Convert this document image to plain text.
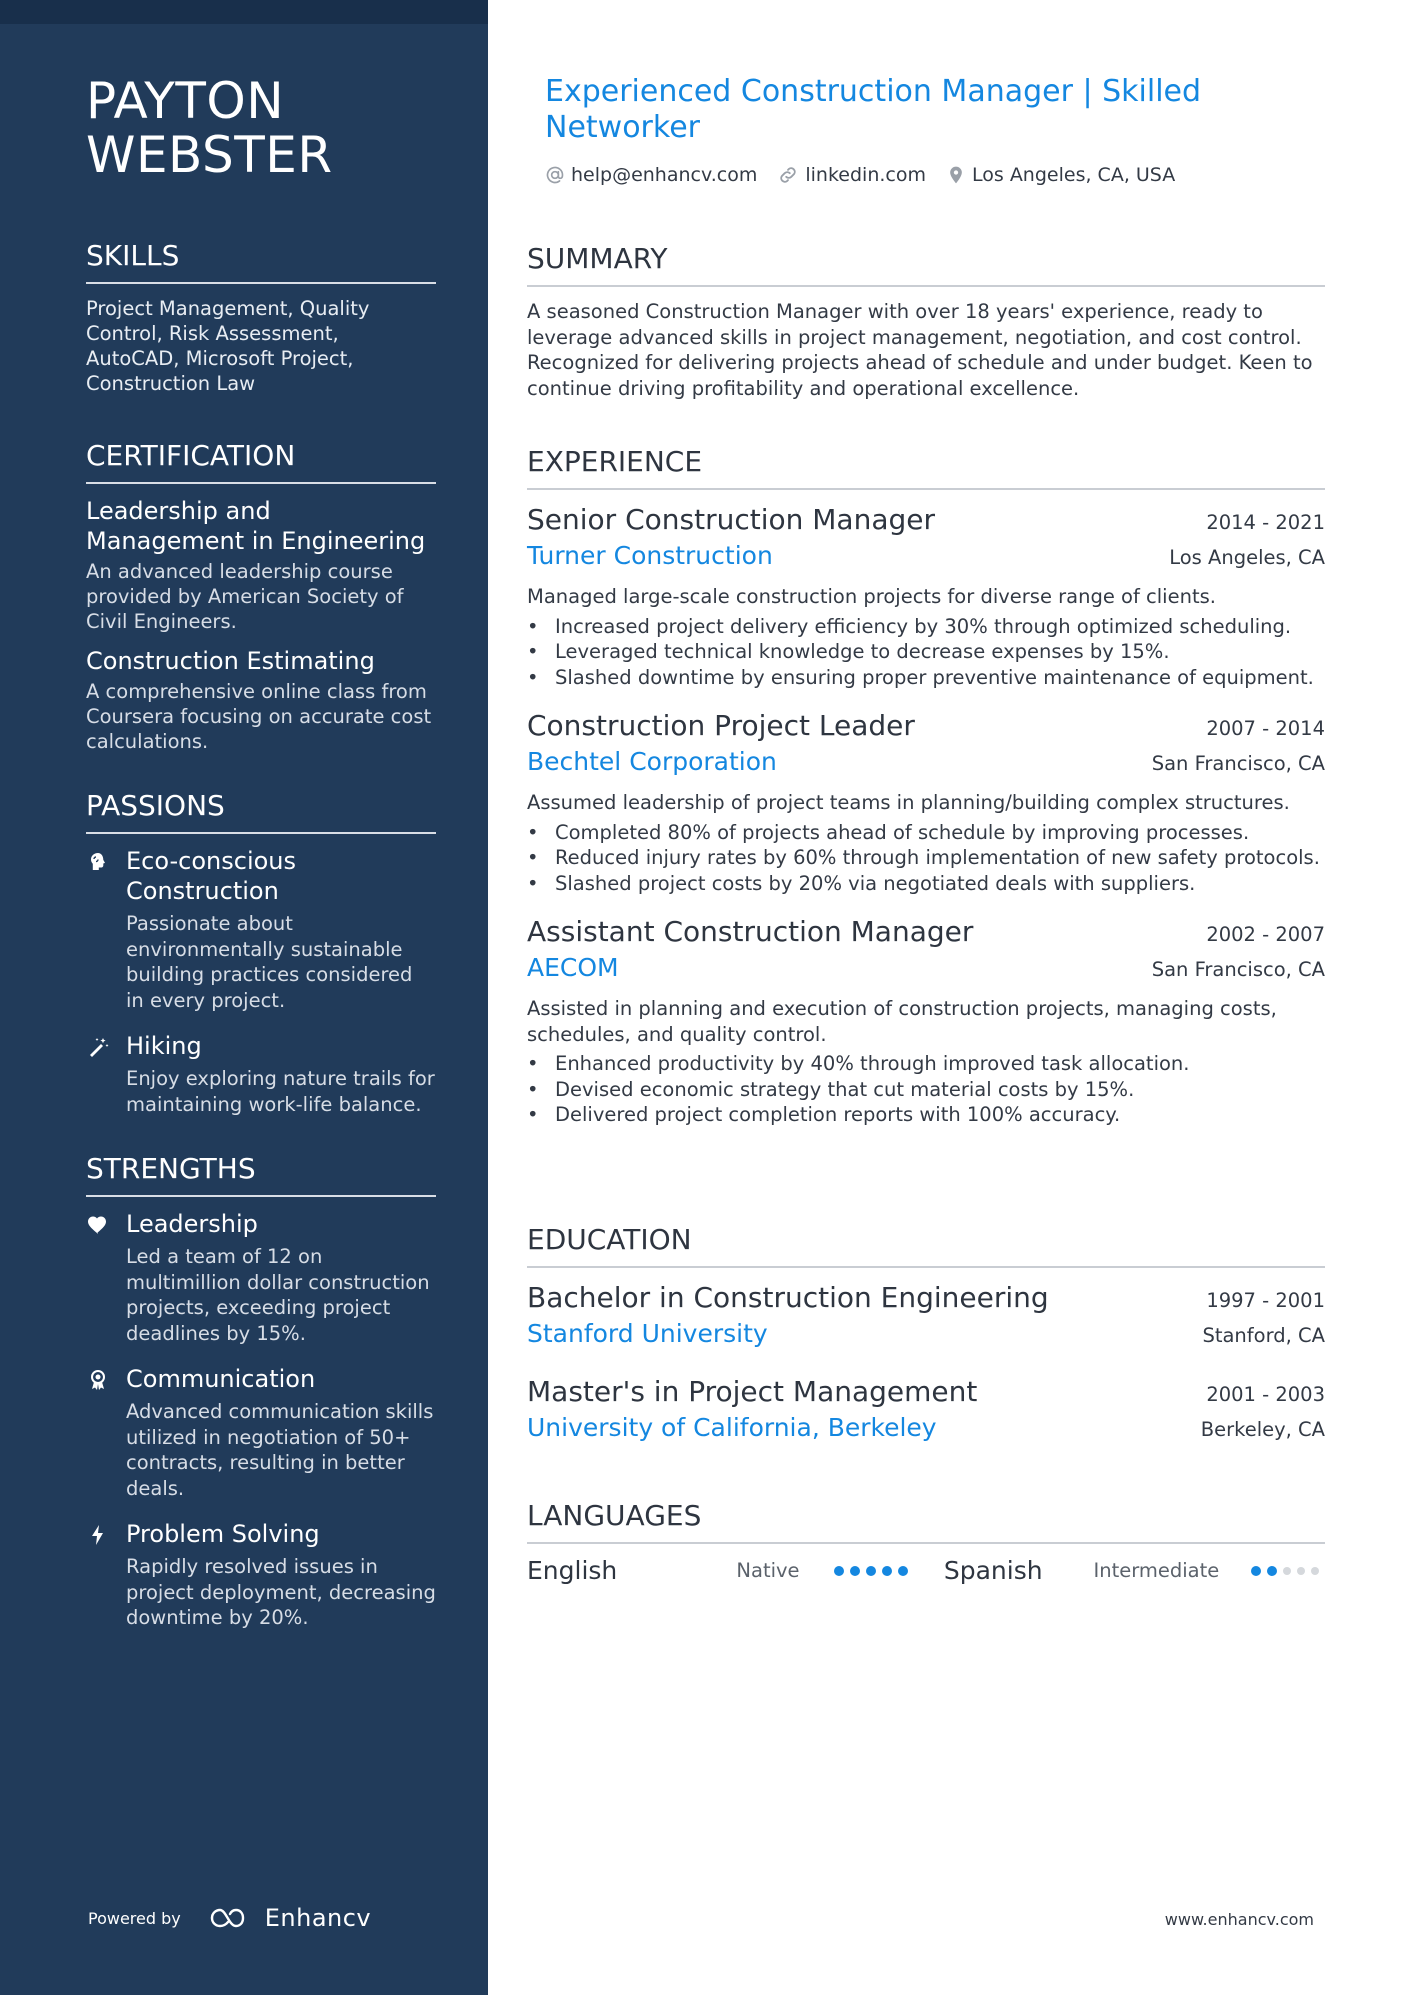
PAYTON
WEBSTER
SKILLS
Project Management, Quality Control, Risk Assessment, AutoCAD, Microsoft Project, Construction Law
CERTIFICATION
Leadership and Management in Engineering
An advanced leadership course provided by American Society of Civil Engineers.
Construction Estimating
A comprehensive online class from Coursera focusing on accurate cost calculations.
PASSIONS
Eco-conscious Construction
Passionate about environmentally sustainable building practices considered in every project.
Hiking
Enjoy exploring nature trails for maintaining work-life balance.
STRENGTHS
Leadership
Led a team of 12 on multimillion dollar construction projects, exceeding project deadlines by 15%.
Communication
Advanced communication skills utilized in negotiation of 50+ contracts, resulting in better deals.
Problem Solving
Rapidly resolved issues in project deployment, decreasing downtime by 20%.
Powered by	Enhancv
Experienced Construction Manager | Skilled Networker
help@enhancv.com	linkedin.com Los Angeles, CA, USA
SUMMARY
A seasoned Construction Manager with over 18 years' experience, ready to leverage advanced skills in project management, negotiation, and cost control. Recognized for delivering projects ahead of schedule and under budget. Keen to continue driving profitability and operational excellence.
EXPERIENCE
Senior Construction Manager	2014 - 2021
Turner Construction	Los Angeles, CA
Managed large-scale construction projects for diverse range of clients.
• Increased project delivery efficiency by 30% through optimized scheduling.
• Leveraged technical knowledge to decrease expenses by 15%.
• Slashed downtime by ensuring proper preventive maintenance of equipment.
Construction Project Leader	2007 - 2014
Bechtel Corporation	San Francisco, CA
Assumed leadership of project teams in planning/building complex structures.
• Completed 80% of projects ahead of schedule by improving processes.
• Reduced injury rates by 60% through implementation of new safety protocols.
• Slashed project costs by 20% via negotiated deals with suppliers.
Assistant Construction Manager	2002 - 2007
AECOM	San Francisco, CA
Assisted in planning and execution of construction projects, managing costs, schedules, and quality control.
• Enhanced productivity by 40% through improved task allocation.
• Devised economic strategy that cut material costs by 15%.
• Delivered project completion reports with 100% accuracy.
EDUCATION
Bachelor in Construction Engineering	1997 - 2001
Stanford University	Stanford, CA
Master's in Project Management	2001 - 2003
University of California, Berkeley	Berkeley, CA
LANGUAGES
English	Native	Spanish	Intermediate
www.enhancv.com
